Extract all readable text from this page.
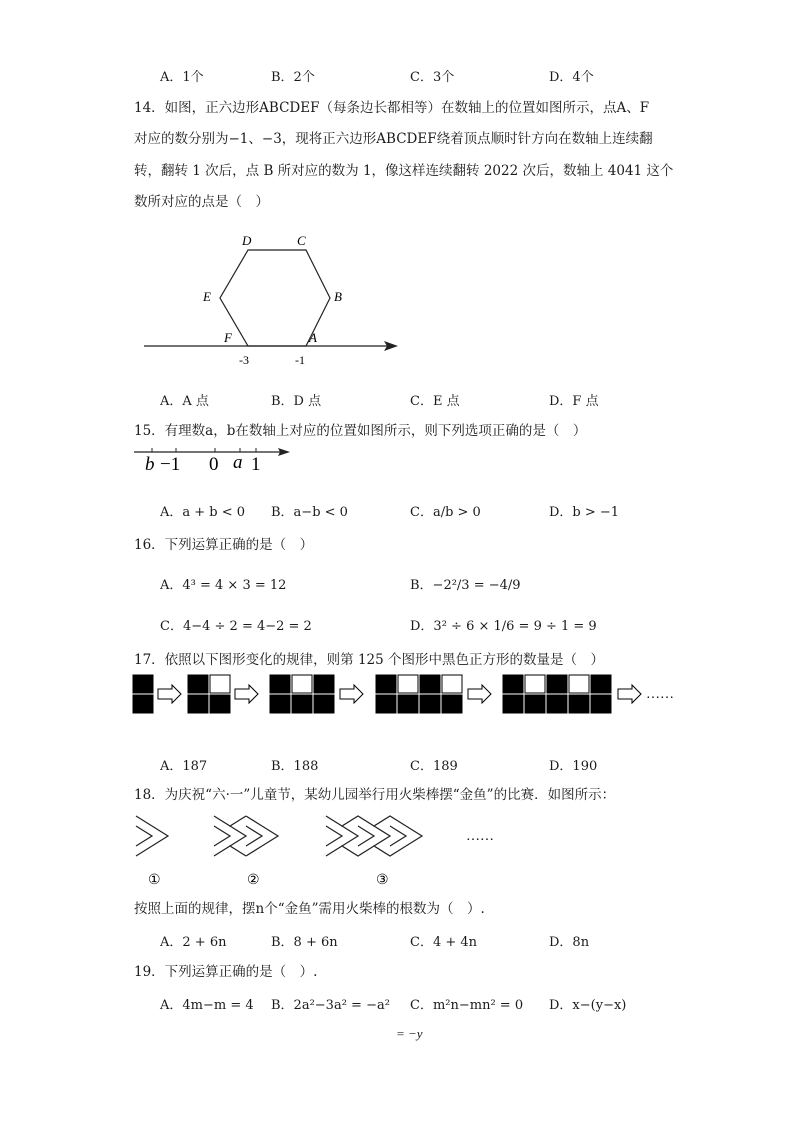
A．1个	B．2个	C．3个	D．4个
14．如图，正六边形ABCDEF（每条边长都相等）在数轴上的位置如图所示，点A、F
对应的数分别为−1、−3，现将正六边形ABCDEF绕着顶点顺时针方向在数轴上连续翻
转，翻转 1 次后，点 B 所对应的数为 1，像这样连续翻转 2022 次后，数轴上 4041 这个
数所对应的点是（　）
D	C
E	B
F	A
-3	-1
A．A 点	B．D 点	C．E 点	D．F 点
15．有理数a，b在数轴上对应的位置如图所示，则下列选项正确的是（　）
b −1 0 a 1
A．a + b < 0 B．a−b < 0	C．a/b > 0	D．b > −1
16．下列运算正确的是（　）
A．4³ = 4 × 3 = 12	B．−2²/3 = −4/9
C．4−4 ÷ 2 = 4−2 = 2	D．3² ÷ 6 × 1/6 = 9 ÷ 1 = 9
17．依照以下图形变化的规律，则第 125 个图形中黑色正方形的数量是（　）
……
A．187	B．188	C．189	D．190
18．为庆祝“六·一”儿童节，某幼儿园举行用火柴棒摆“金鱼”的比赛．如图所示：
①	②	③
……
按照上面的规律，摆n个“金鱼”需用火柴棒的根数为（　）.
A．2 + 6n	B．8 + 6n	C．4 + 4n	D．8n
19．下列运算正确的是（　）.
A．4m−m = 4 B．2a²−3a² = −a² C．m²n−mn² = 0 D．x−(y−x)
= −y
